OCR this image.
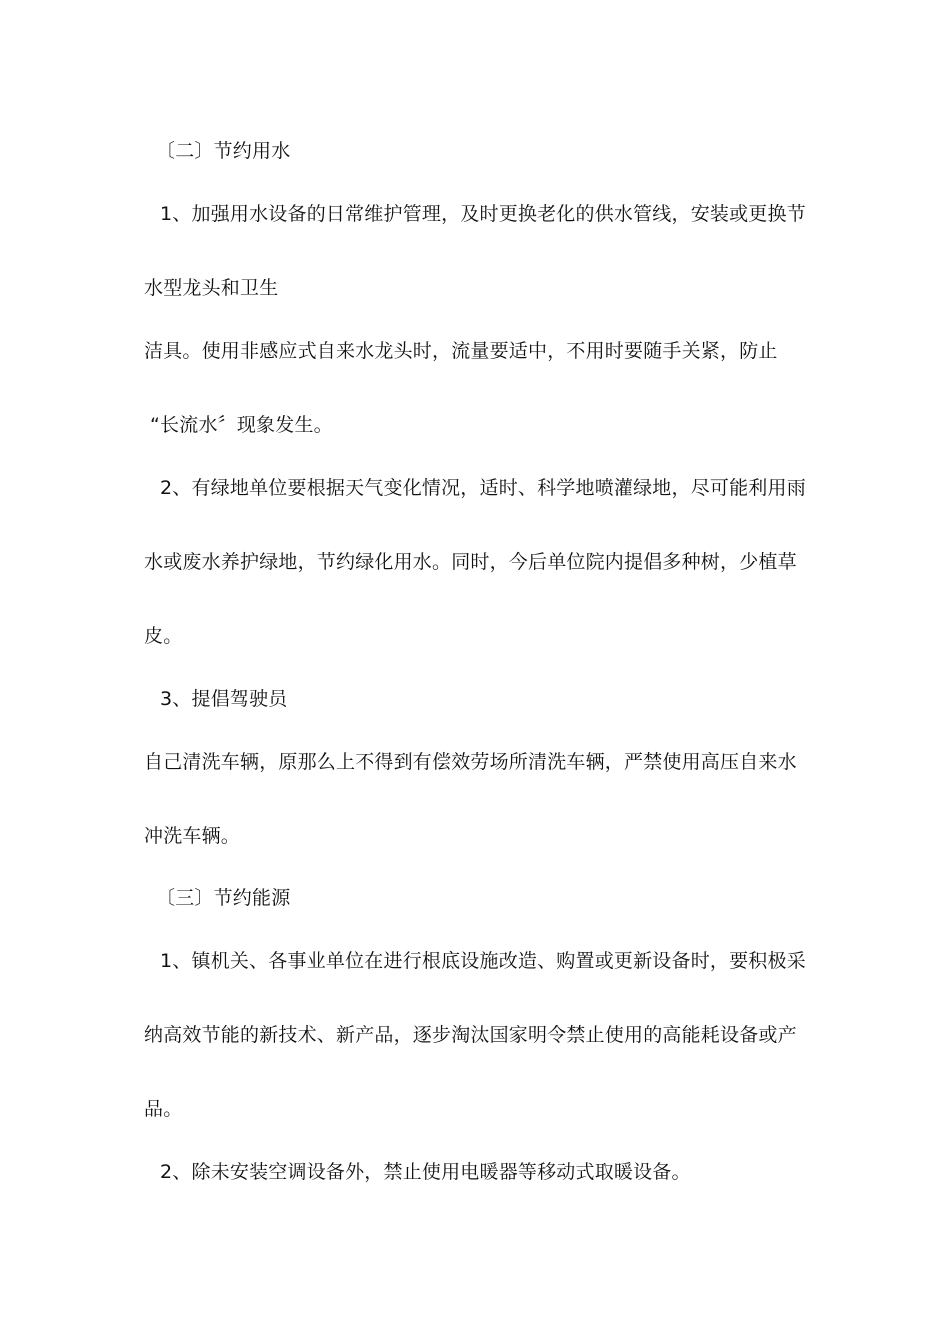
〔二〕节约用水
1、加强用水设备的日常维护管理，及时更换老化的供水管线，安装或更换节
水型龙头和卫生
洁具。使用非感应式自来水龙头时，流量要适中，不用时要随手关紧，防止
“长流水〞现象发生。
2、有绿地单位要根据天气变化情况，适时、科学地喷灌绿地，尽可能利用雨
水或废水养护绿地，节约绿化用水。同时，今后单位院内提倡多种树，少植草
皮。
3、提倡驾驶员
自己清洗车辆，原那么上不得到有偿效劳场所清洗车辆，严禁使用高压自来水
冲洗车辆。
〔三〕节约能源
1、镇机关、各事业单位在进行根底设施改造、购置或更新设备时，要积极采
纳高效节能的新技术、新产品，逐步淘汰国家明令禁止使用的高能耗设备或产
品。
2、除未安装空调设备外，禁止使用电暖器等移动式取暖设备。
